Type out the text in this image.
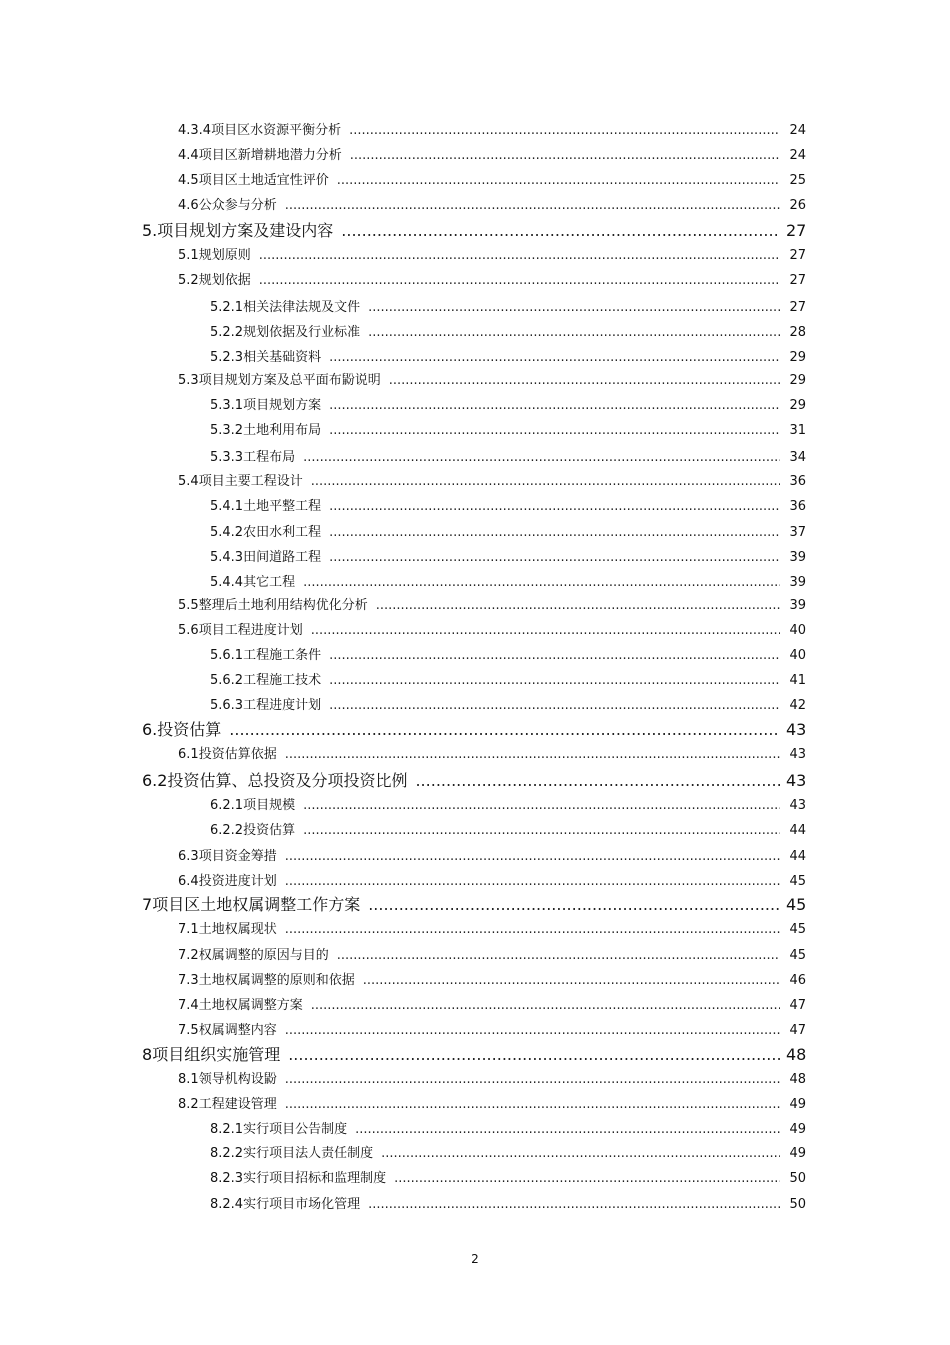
4.3.4 项目区水资源平衡分析 .....	24
4.4 项目区新增耕地潜力分析 .....	24
4.5 项目区土地适宜性评价 .....	25
4.6 公众参与分析 .....	26
5. 项目规划方案及建设内容 .....	27
5.1 规划原则 .....	27
5.2 规划依据 .....	27
5.2.1 相关法律法规及文件 .....	27
5.2.2 规划依据及行业标准 .....	28
5.2.3 相关基础资料 .....	29
5.3 项目规划方案及总平面布鼢说明 .....	29
5.3.1 项目规划方案 .....	29
5.3.2 土地利用布局 .....	31
5.3.3 工程布局 .....	34
5.4 项目主要工程设计 .....	36
5.4.1 土地平整工程 .....	36
5.4.2 农田水利工程 .....	37
5.4.3 田间道路工程 .....	39
5.4.4 其它工程 .....	39
5.5 整理后土地利用结构优化分析 .....	39
5.6 项目工程进度计划 .....	40
5.6.1 工程施工条件 .....	40
5.6.2 工程施工技术 .....	41
5.6.3 工程进度计划 .....	42
6. 投资估算 .....	43
6.1 投资估算依据 .....	43
6.2 投资估算、总投资及分项投资比例 .....	43
6.2.1 项目规模 .....	43
6.2.2 投资估算 .....	44
6.3 项目资金筹措 .....	44
6.4 投资进度计划 .....	45
7 项目区土地权属调整工作方案 .....	45
7.1 土地权属现状 .....	45
7.2 权属调整的原因与目的 .....	45
7.3 土地权属调整的原则和依据 .....	46
7.4 土地权属调整方案 .....	47
7.5 权属调整内容 .....	47
8 项目组织实施管理 .....	48
8.1 领导机构设鼢 .....	48
8.2 工程建设管理 .....	49
8.2.1 实行项目公告制度 .....	49
8.2.2 实行项目法人责任制度 .....	49
8.2.3 实行项目招标和监理制度 .....	50
8.2.4 实行项目市场化管理 .....	50
2
